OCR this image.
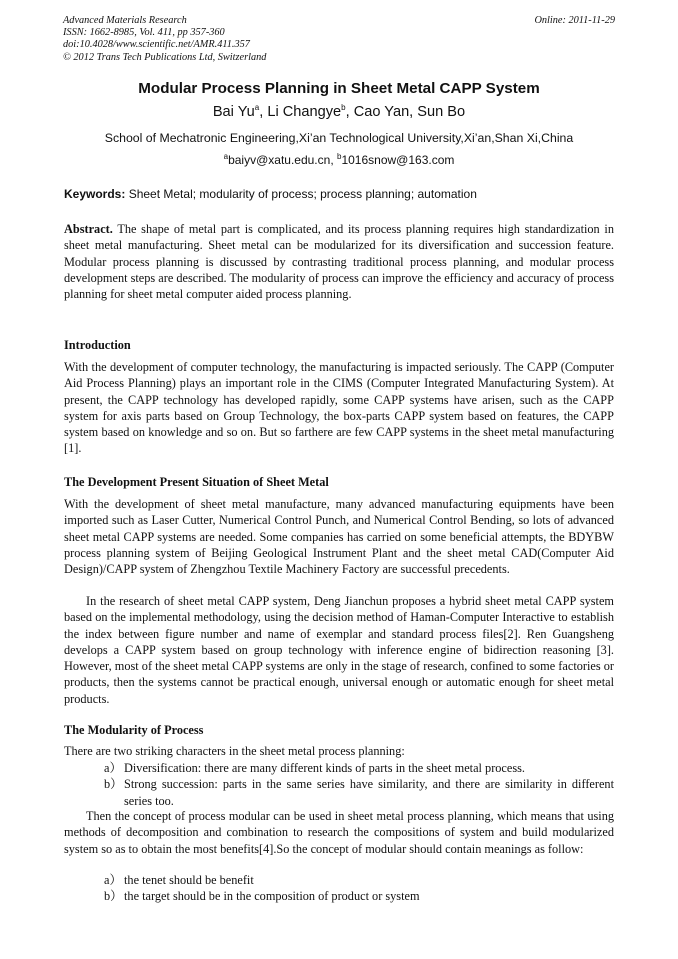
Advanced Materials Research
ISSN: 1662-8985, Vol. 411, pp 357-360
doi:10.4028/www.scientific.net/AMR.411.357
© 2012 Trans Tech Publications Ltd, Switzerland
Online: 2011-11-29
Modular Process Planning in Sheet Metal CAPP System
Bai Yu$^a$, Li Changye$^b$, Cao Yan, Sun Bo
School of Mechatronic Engineering,Xi’an Technological University,Xi’an,Shan Xi,China
$^a$baiyv@xatu.edu.cn, $^b$1016snow@163.com
Keywords: Sheet Metal; modularity of process; process planning; automation
Abstract. The shape of metal part is complicated, and its process planning requires high standardization in sheet metal manufacturing. Sheet metal can be modularized for its diversification and succession feature. Modular process planning is discussed by contrasting traditional process planning, and modular process development steps are described. The modularity of process can improve the efficiency and accuracy of process planning for sheet metal computer aided process planning.
Introduction
With the development of computer technology, the manufacturing is impacted seriously. The CAPP (Computer Aid Process Planning) plays an important role in the CIMS (Computer Integrated Manufacturing System). At present, the CAPP technology has developed rapidly, some CAPP systems have arisen, such as the CAPP system for axis parts based on Group Technology, the box-parts CAPP system based on features, the CAPP system based on knowledge and so on. But so farthere are few CAPP systems in the sheet metal manufacturing [1].
The Development Present Situation of Sheet Metal
With the development of sheet metal manufacture, many advanced manufacturing equipments have been imported such as Laser Cutter, Numerical Control Punch, and Numerical Control Bending, so lots of advanced sheet metal CAPP systems are needed. Some companies has carried on some beneficial attempts, the BDYBW process planning system of Beijing Geological Instrument Plant and the sheet metal CAD(Computer Aid Design)/CAPP system of Zhengzhou Textile Machinery Factory are successful precedents.
In the research of sheet metal CAPP system, Deng Jianchun proposes a hybrid sheet metal CAPP system based on the implemental methodology, using the decision method of Haman-Computer Interactive to establish the index between figure number and name of exemplar and standard process files[2]. Ren Guangsheng develops a CAPP system based on group technology with inference engine of bidirection reasoning [3]. However, most of the sheet metal CAPP systems are only in the stage of research, confined to some factories or products, then the systems cannot be practical enough, universal enough or automatic enough for sheet metal products.
The Modularity of Process
There are two striking characters in the sheet metal process planning:
a） Diversification: there are many different kinds of parts in the sheet metal process.
b） Strong succession: parts in the same series have similarity, and there are similarity in different series too.
Then the concept of process modular can be used in sheet metal process planning, which means that using methods of decomposition and combination to research the compositions of system and build modularized system so as to obtain the most benefits[4].So the concept of modular should contain meanings as follow:
a） the tenet should be benefit
b） the target should be in the composition of product or system
